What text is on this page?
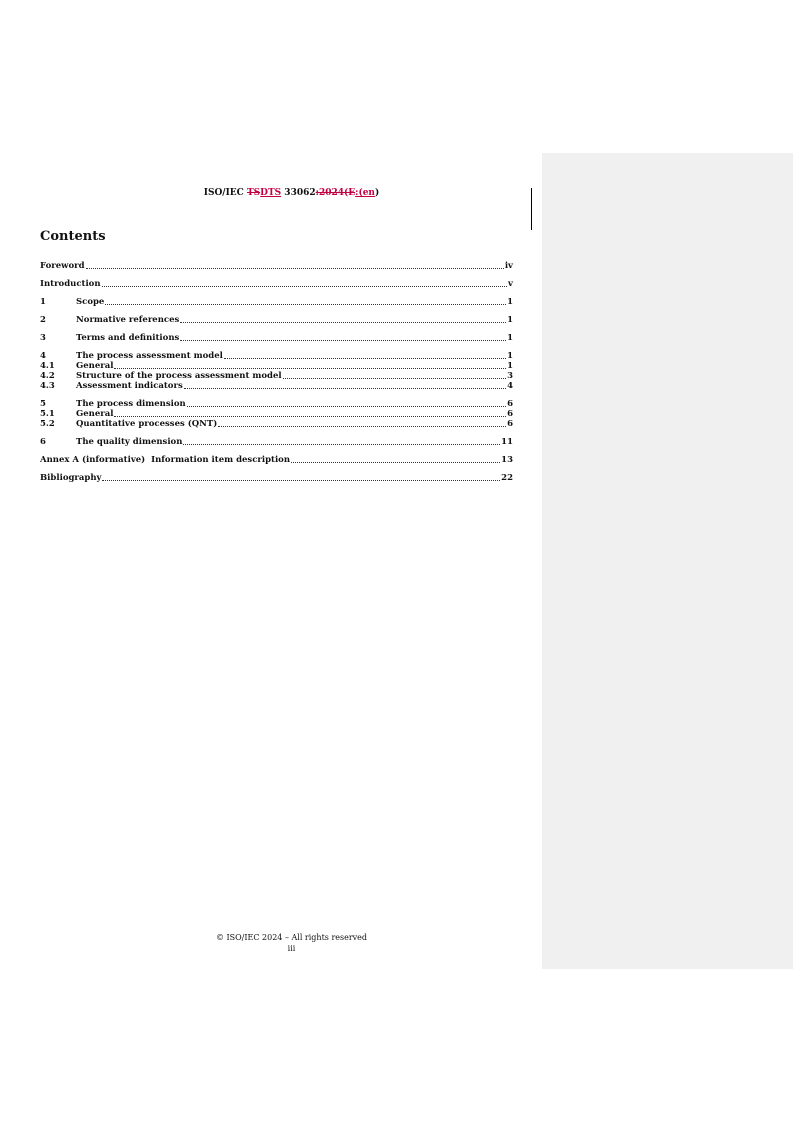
ISO/IEC TSDTS 33062:2024(E:(en)
Contents
Foreword	iv
Introduction	v
1	Scope	1
2	Normative references	1
3	Terms and definitions	1
4	The process assessment model	1
4.1	General	1
4.2	Structure of the process assessment model	3
4.3	Assessment indicators	4
5	The process dimension	6
5.1	General	6
5.2	Quantitative processes (QNT)	6
6	The quality dimension	11
Annex A (informative)  Information item description	13
Bibliography	22
© ISO/IEC 2024 – All rights reserved
iii
